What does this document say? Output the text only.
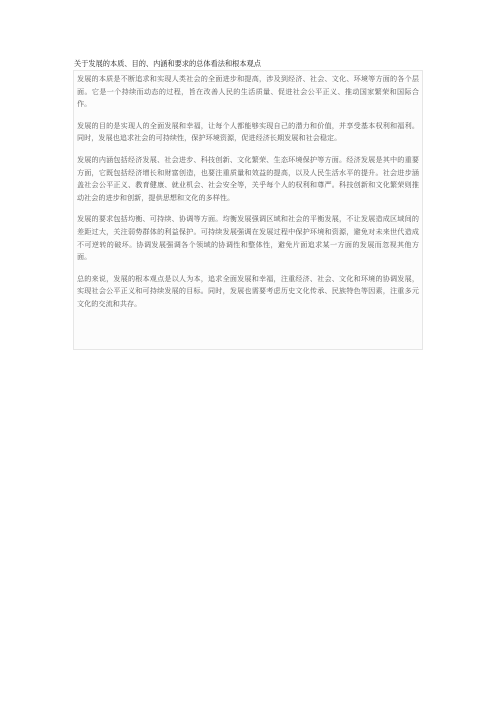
关于发展的本质、目的、内涵和要求的总体看法和根本观点

发展的本质是不断追求和实现人类社会的全面进步和提高，涉及到经济、社会、文化、环境等方面的各个层面。它是一个持续而动态的过程，旨在改善人民的生活质量、促进社会公平正义、推动国家繁荣和国际合作。

发展的目的是实现人的全面发展和幸福，让每个人都能够实现自己的潜力和价值，并享受基本权利和福利。同时，发展也追求社会的可持续性，保护环境资源，促进经济长期发展和社会稳定。

发展的内涵包括经济发展、社会进步、科技创新、文化繁荣、生态环境保护等方面。经济发展是其中的重要方面，它既包括经济增长和财富创造，也要注重质量和效益的提高，以及人民生活水平的提升。社会进步涵盖社会公平正义、教育健康、就业机会、社会安全等，关乎每个人的权利和尊严。科技创新和文化繁荣则推动社会的进步和创新，提供思想和文化的多样性。

发展的要求包括均衡、可持续、协调等方面。均衡发展强调区域和社会的平衡发展，不让发展造成区域间的差距过大，关注弱势群体的利益保护。可持续发展强调在发展过程中保护环境和资源，避免对未来世代造成不可逆转的破坏。协调发展强调各个领域的协调性和整体性，避免片面追求某一方面的发展而忽视其他方面。

总的来说，发展的根本观点是以人为本，追求全面发展和幸福，注重经济、社会、文化和环境的协调发展，实现社会公平正义和可持续发展的目标。同时，发展也需要考虑历史文化传承、民族特色等因素，注重多元文化的交流和共存。
